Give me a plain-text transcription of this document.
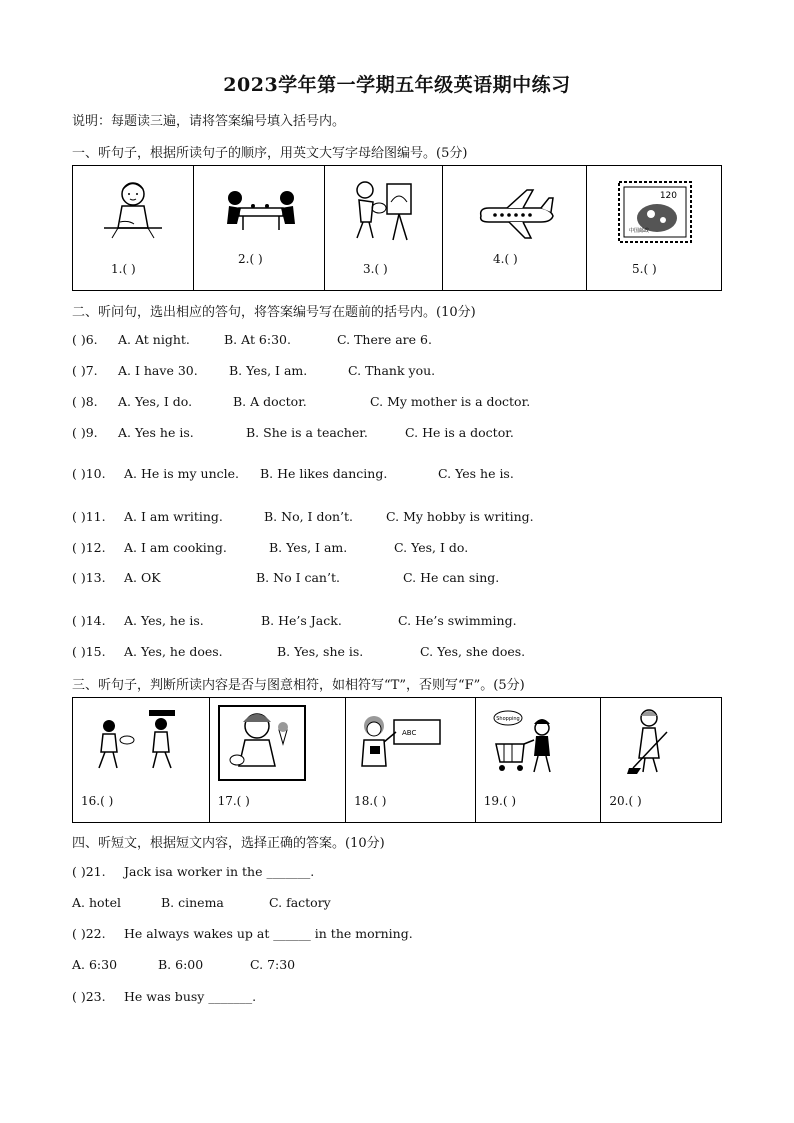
2023学年第一学期五年级英语期中练习
说明：每题读三遍，请将答案编号填入括号内。
一、听句子，根据所读句子的顺序，用英文大写字母给图编号。(5分)
1.( )
2.( )
3.( )
4.( )
120
中国邮政
5.( )
二、听问句，选出相应的答句，将答案编号写在题前的括号内。(10分)
( )6. A. At night.	B. At 6:30.	C. There are 6.
( )7. A. I have 30.	B. Yes, I am.	C. Thank you.
( )8. A. Yes, I do.	B. A doctor.	C. My mother is a doctor.
( )9. A. Yes he is.	B. She is a teacher.	C. He is a doctor.
( )10. A. He is my uncle. B. He likes dancing.	C. Yes he is.
( )11. A. I am writing.	B. No, I don’t.	C. My hobby is writing.
( )12. A. I am cooking.	B. Yes, I am.	C. Yes, I do.
( )13. A. OK	B. No I can’t.	C. He can sing.
( )14. A. Yes, he is.	B. He’s Jack.	C. He’s swimming.
( )15. A. Yes, he does.	B. Yes, she is.	C. Yes, she does.
三、听句子，判断所读内容是否与图意相符，如相符写“T”，否则写“F”。(5分)
16.( )	17.( )
ABC
18.( )
Shopping
19.( )	20.( )
四、听短文，根据短文内容，选择正确的答案。(10分)
( )21. Jack isa worker in the _______.
A. hotel	B. cinema	C. factory
( )22. He always wakes up at ______ in the morning.
A. 6:30	B. 6:00	C. 7:30
( )23. He was busy _______.
